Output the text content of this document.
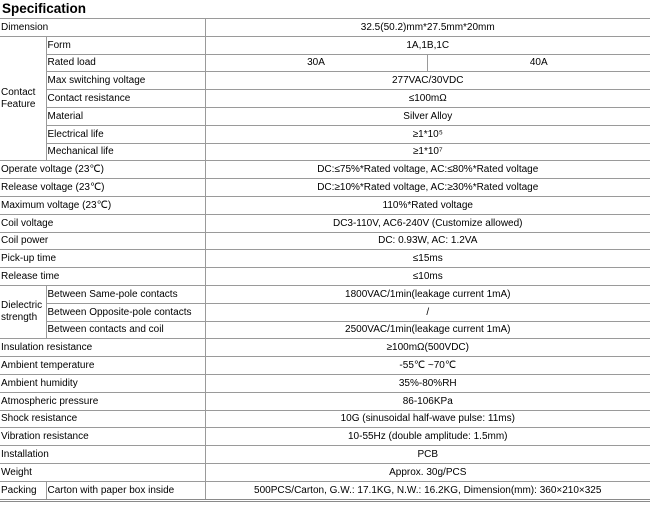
Specification
Dimension		32.5(50.2)mm*27.5mm*20mm	
Contact Feature	Form	1A,1B,1C	
	Rated load	30A	40A
	Max switching voltage	277VAC/30VDC	
	Contact resistance	≤100mΩ	
	Material	Silver Alloy	
	Electrical life	≥1*10⁵	
	Mechanical life	≥1*10⁷	
Operate voltage (23℃)		DC:≤75%*Rated voltage, AC:≤80%*Rated voltage	
Release voltage (23℃)		DC:≥10%*Rated voltage, AC:≥30%*Rated voltage	
Maximum voltage (23℃)		110%*Rated voltage	
Coil voltage		DC3-110V, AC6-240V (Customize allowed)	
Coil power		DC: 0.93W, AC: 1.2VA	
Pick-up time		≤15ms	
Release time		≤10ms	
Dielectric strength	Between Same-pole contacts	1800VAC/1min(leakage current 1mA)	
	Between Opposite-pole contacts	/	
	Between contacts and coil	2500VAC/1min(leakage current 1mA)	
Insulation resistance		≥100mΩ(500VDC)	
Ambient temperature		-55℃ ~70℃	
Ambient humidity		35%-80%RH	
Atmospheric pressure		86-106KPa	
Shock resistance		10G (sinusoidal half-wave pulse: 11ms)	
Vibration resistance		10-55Hz (double amplitude: 1.5mm)	
Installation		PCB	
Weight		Approx. 30g/PCS	
Packing	Carton with paper box inside	500PCS/Carton, G.W.: 17.1KG, N.W.: 16.2KG, Dimension(mm): 360×210×325	
